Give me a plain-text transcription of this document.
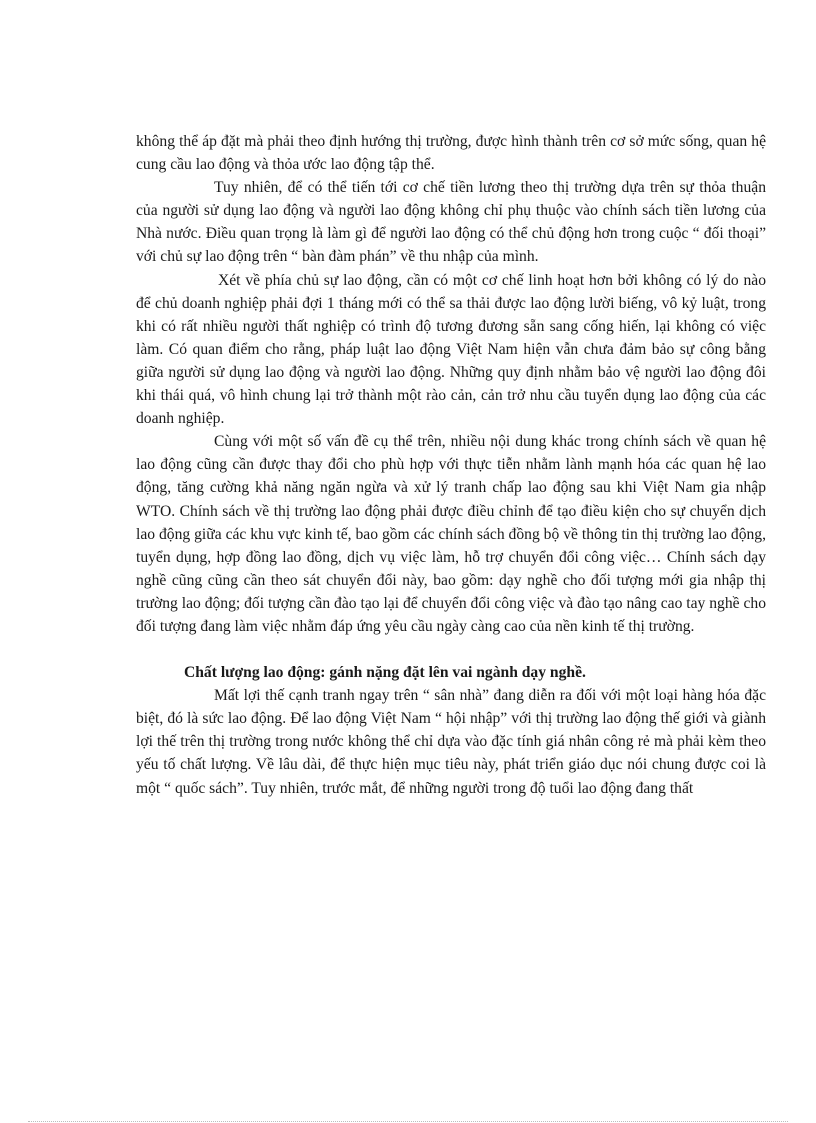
không thể áp đặt mà phải theo định hướng thị trường, được hình thành trên cơ sở mức sống, quan hệ cung cầu lao động và thỏa ước lao động tập thể.

Tuy nhiên, để có thể tiến tới cơ chế tiền lương theo thị trường dựa trên sự thỏa thuận của người sử dụng lao động và người lao động không chỉ phụ thuộc vào chính sách tiền lương của Nhà nước. Điều quan trọng là làm gì để người lao động có thể chủ động hơn trong cuộc “ đối thoại” với chủ sự lao động trên “ bàn đàm phán” về thu nhập của mình.

Xét về phía chủ sự lao động, cần có một cơ chế linh hoạt hơn bởi không có lý do nào để chủ doanh nghiệp phải đợi 1 tháng mới có thể sa thải được lao động lười biếng, vô kỷ luật, trong khi có rất nhiều người thất nghiệp có trình độ tương đương sẵn sang cống hiến, lại không có việc làm. Có quan điểm cho rằng, pháp luật lao động Việt Nam hiện vẫn chưa đảm bảo sự công bằng giữa người sử dụng lao động và người lao động. Những quy định nhằm bảo vệ người lao động đôi khi thái quá, vô hình chung lại trở thành một rào cản, cản trở nhu cầu tuyển dụng lao động của các doanh nghiệp.

Cùng với một số vấn đề cụ thể trên, nhiều nội dung khác trong chính sách về quan hệ lao động cũng cần được thay đổi cho phù hợp với thực tiễn nhằm lành mạnh hóa các quan hệ lao động, tăng cường khả năng ngăn ngừa và xử lý tranh chấp lao động sau khi Việt Nam gia nhập WTO. Chính sách về thị trường lao động phải được điều chỉnh để tạo điều kiện cho sự chuyển dịch lao động giữa các khu vực kinh tế, bao gồm các chính sách đồng bộ về thông tin thị trường lao động, tuyển dụng, hợp đồng lao đồng, dịch vụ việc làm, hỗ trợ chuyển đổi công việc… Chính sách dạy nghề cũng cũng cần theo sát chuyển đổi này, bao gồm: dạy nghề cho đối tượng mới gia nhập thị trường lao động; đối tượng cần đào tạo lại để chuyển đổi công việc và đào tạo nâng cao tay nghề cho đối tượng đang làm việc nhằm đáp ứng yêu cầu ngày càng cao của nền kinh tế thị trường.

Chất lượng lao động: gánh nặng đặt lên vai ngành dạy nghề.

Mất lợi thế cạnh tranh ngay trên “ sân nhà” đang diễn ra đối với một loại hàng hóa đặc biệt, đó là sức lao động. Để lao động Việt Nam “ hội nhập” với thị trường lao động thế giới và giành lợi thế trên thị trường trong nước không thể chỉ dựa vào đặc tính giá nhân công rẻ mà phải kèm theo yếu tố chất lượng. Về lâu dài, để thực hiện mục tiêu này, phát triển giáo dục nói chung được coi là một “ quốc sách”. Tuy nhiên, trước mắt, để những người trong độ tuổi lao động đang thất
